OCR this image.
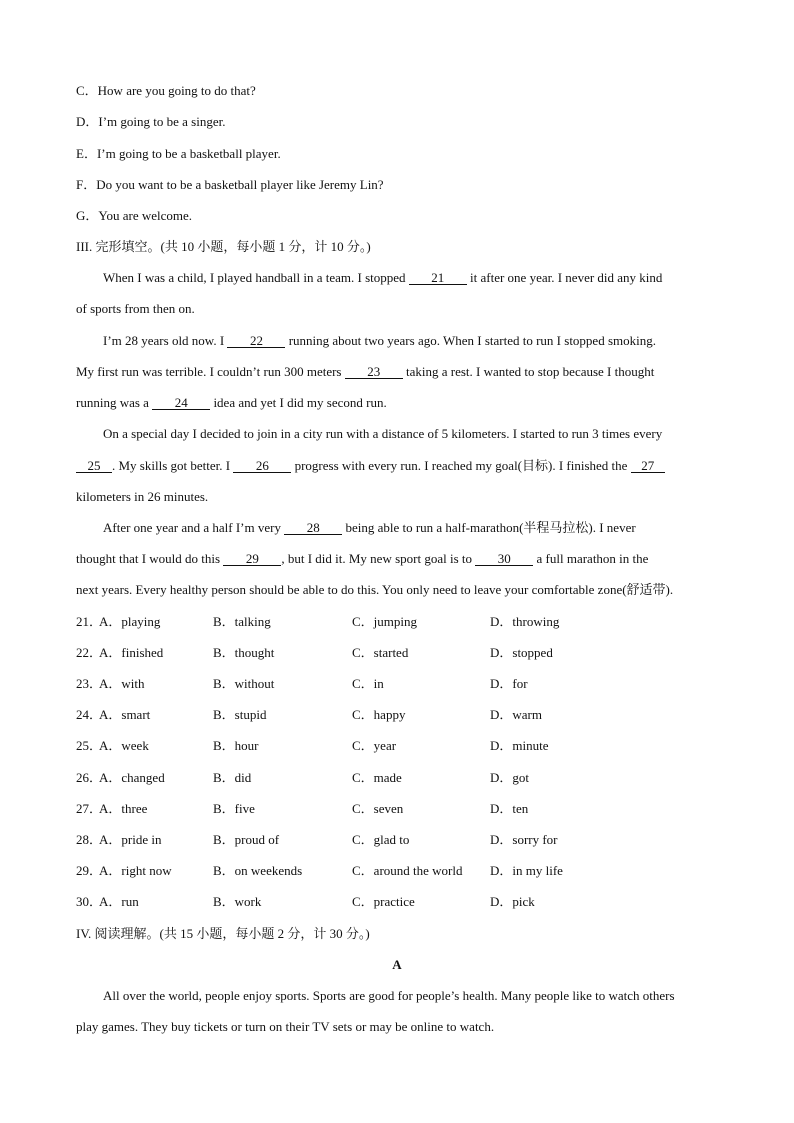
C．How are you going to do that?
D．I’m going to be a singer.
E．I’m going to be a basketball player.
F．Do you want to be a basketball player like Jeremy Lin?
G．You are welcome.
III. 完形填空。(共 10 小题，每小题 1 分，计 10 分。)
When I was a child, I played handball in a team. I stopped 21 it after one year. I never did any kind
of sports from then on.
I’m 28 years old now. I 22 running about two years ago. When I started to run I stopped smoking.
My first run was terrible. I couldn’t run 300 meters 23 taking a rest. I wanted to stop because I thought
running was a 24 idea and yet I did my second run.
On a special day I decided to join in a city run with a distance of 5 kilometers. I started to run 3 times every
25 . My skills got better. I 26 progress with every run. I reached my goal(目标). I finished the 27
kilometers in 26 minutes.
After one year and a half I’m very 28 being able to run a half-marathon(半程马拉松). I never
thought that I would do this 29 , but I did it. My new sport goal is to 30 a full marathon in the
next years. Every healthy person should be able to do this. You only need to leave your comfortable zone(舒适带).
21．
A．playing	B．talking	C．jumping	D．throwing
22．
A．finished	B．thought	C．started	D．stopped
23．
A．with	B．without	C．in	D．for
24．
A．smart	B．stupid	C．happy	D．warm
25．
A．week	B．hour	C．year	D．minute
26．
A．changed	B．did	C．made	D．got
27．
A．three	B．five	C．seven	D．ten
28．
A．pride in	B．proud of	C．glad to	D．sorry for
29．
A．right now	B．on weekends	C．around the world D．in my life
30．
A．run	B．work	C．practice	D．pick
IV. 阅读理解。(共 15 小题，每小题 2 分，计 30 分。)
A
All over the world, people enjoy sports. Sports are good for people’s health. Many people like to watch others
play games. They buy tickets or turn on their TV sets or may be online to watch.
